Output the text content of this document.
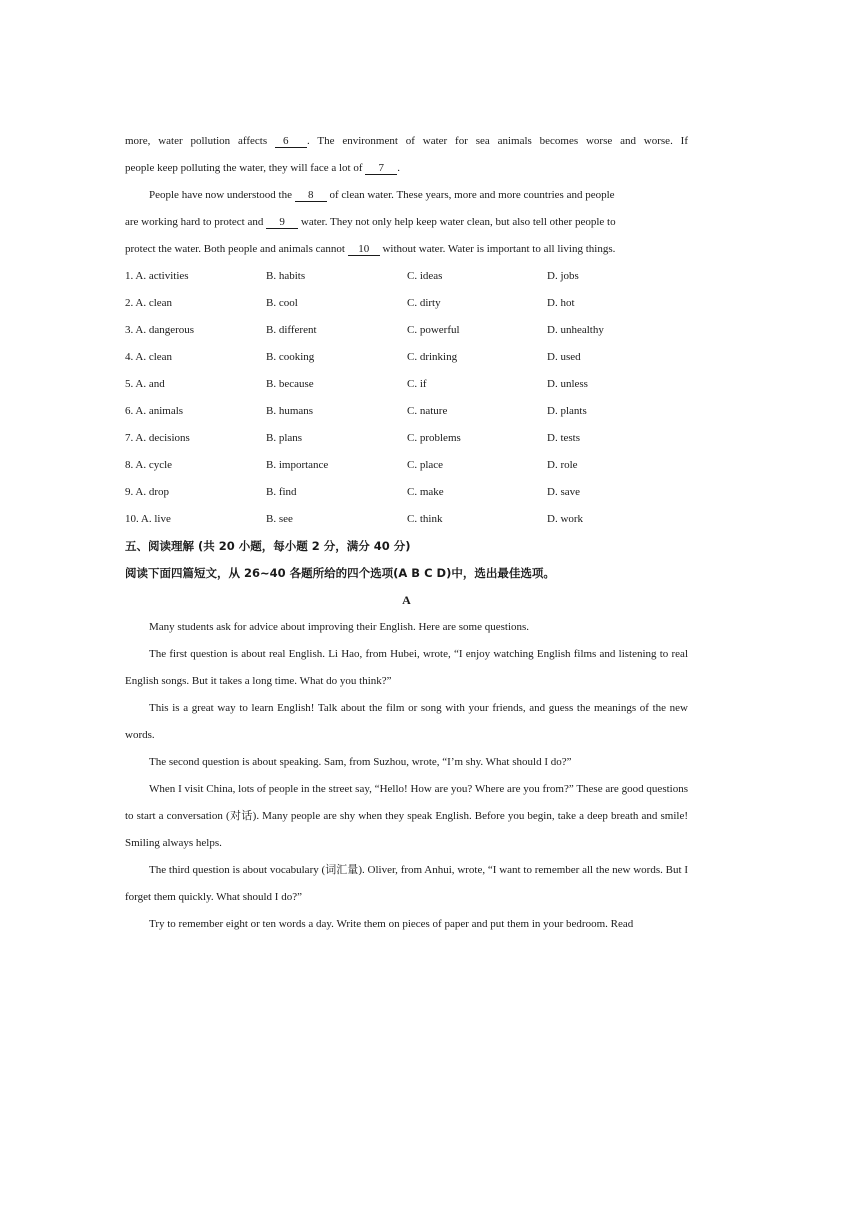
more, water pollution affects 6 . The environment of water for sea animals becomes worse and worse. If
people keep polluting the water, they will face a lot of 7 .
People have now understood the 8 of clean water. These years, more and more countries and people
are working hard to protect and 9 water. They not only help keep water clean, but also tell other people to
protect the water. Both people and animals cannot 10 without water. Water is important to all living things.
1. A. activities	B. habits	C. ideas	D. jobs
2. A. clean	B. cool	C. dirty	D. hot
3. A. dangerous	B. different	C. powerful	D. unhealthy
4. A. clean	B. cooking	C. drinking	D. used
5. A. and	B. because	C. if	D. unless
6. A. animals	B. humans	C. nature	D. plants
7. A. decisions	B. plans	C. problems	D. tests
8. A. cycle	B. importance	C. place	D. role
9. A. drop	B. find	C. make	D. save
10. A. live	B. see	C. think	D. work
五、阅读理解 (共 20 小题，每小题 2 分，满分 40 分)
阅读下面四篇短文，从 26~40 各题所给的四个选项(A B C D)中，选出最佳选项。
A

Many students ask for advice about improving their English. Here are some questions.

The first question is about real English. Li Hao, from Hubei, wrote, “I enjoy watching English films and listening to real English songs. But it takes a long time. What do you think?”

This is a great way to learn English! Talk about the film or song with your friends, and guess the meanings of the new words.

The second question is about speaking. Sam, from Suzhou, wrote, “I’m shy. What should I do?”

When I visit China, lots of people in the street say, “Hello! How are you? Where are you from?” These are good questions to start a conversation (对话). Many people are shy when they speak English. Before you begin, take a deep breath and smile! Smiling always helps.

The third question is about vocabulary (词汇量). Oliver, from Anhui, wrote, “I want to remember all the new words. But I forget them quickly. What should I do?”

Try to remember eight or ten words a day. Write them on pieces of paper and put them in your bedroom. Read
